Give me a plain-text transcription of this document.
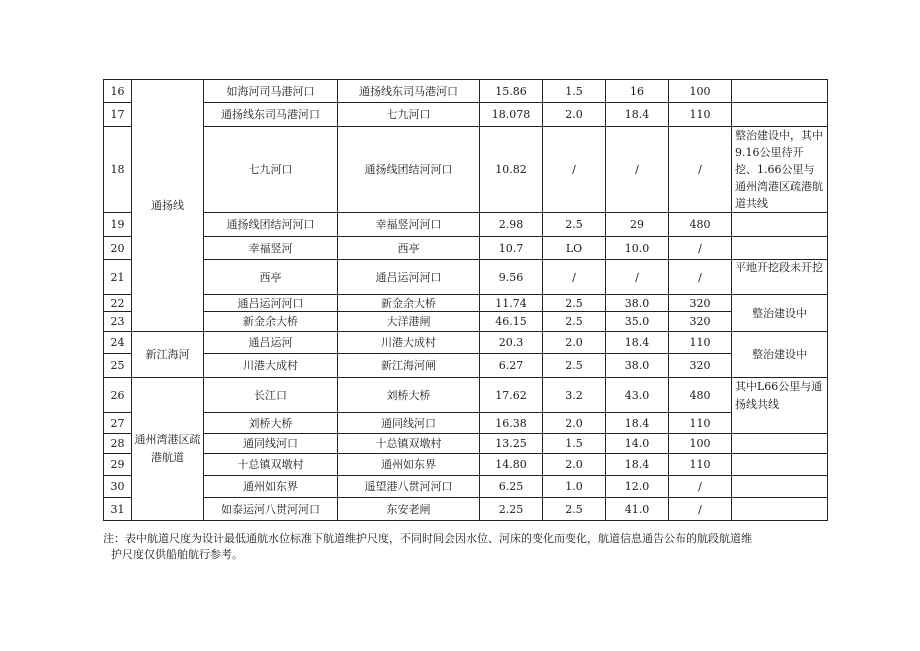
16	通扬线	如海河司马港河口	通扬线东司马港河口	15.86	1.5	16	100	
17		通扬线东司马港河口	七九河口	18.078	2.0	18.4	110	
18		七九河口	通扬线团结河河口	10.82	/	/	/	整治建设中，其中9.16公里待开挖、1.66公里与通州湾港区疏港航道共线
19		通扬线团结河河口	幸福竖河河口	2.98	2.5	29	480	
20		幸福竖河	西亭	10.7	LO	10.0	/	
21		西亭	通吕运河河口	9.56	/	/	/	平地开挖段未开挖
22		通吕运河河口	新金余大桥	11.74	2.5	38.0	320	整治建设中
23		新金余大桥	大洋港闸	46.15	2.5	35.0	320	
24	新江海河	通吕运河	川港大成村	20.3	2.0	18.4	110	整治建设中
25		川港大成村	新江海河闸	6.27	2.5	38.0	320	
26	通州湾港区疏港航道	长江口	刘桥大桥	17.62	3.2	43.0	480	其中L66公里与通扬线共线

27		刘桥大桥	通同线河口	16.38	2.0	18.4	110	
28		通同线河口	十总镇双墩村	13.25	1.5	14.0	100	
29		十总镇双墩村	通州如东界	14.80	2.0	18.4	110	
30		通州如东界	遥望港八贯河河口	6.25	1.0	12.0	/	
31		如泰运河八贯河河口	东安老闸	2.25	2.5	41.0	/	
注：表中航道尺度为设计最低通航水位标准下航道维护尺度，不同时间会因水位、河床的变化而变化，航道信息通告公布的航段航道维
护尺度仅供船舶航行参考。
